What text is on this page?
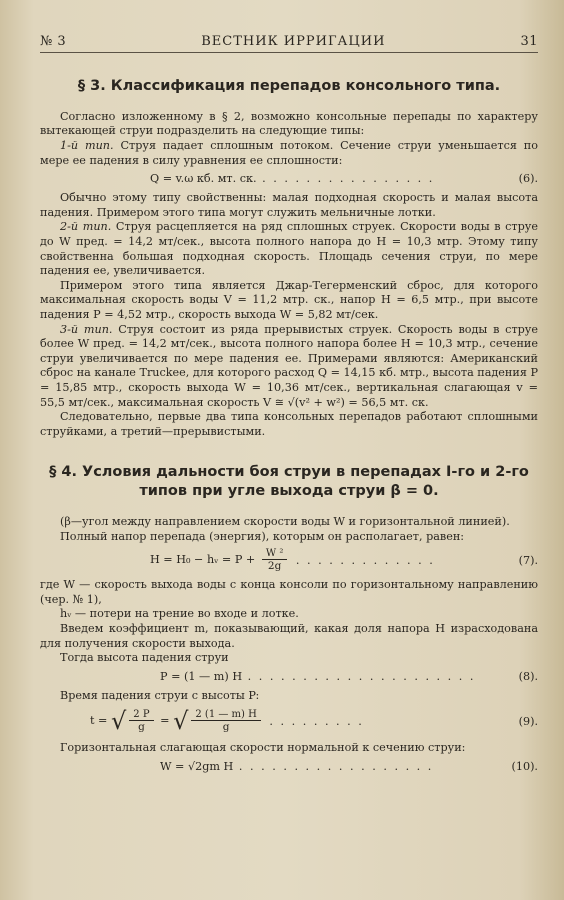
№ 3	ВЕСТНИК ИРРИГАЦИИ	31
§ 3. Классификация перепадов консольного типа.

Согласно изложенному в § 2, возможно консольные перепады по характеру вытекающей струи подразделить на следующие типы:

1-й тип. Струя падает сплошным потоком. Сечение струи уменьшается по мере ее падения в силу уравнения ее сплошности:

Q = v.ω кб. мт. ск. . . . . . . . . . . . . . . . .	(6).

Обычно этому типу свойственны: малая подходная скорость и малая высота падения. Примером этого типа могут служить мельничные лотки.

2-й тип. Струя расцепляется на ряд сплошных струек. Скорости воды в струе до W пред. = 14,2 мт/сек., высота полного напора до H = 10,3 мтр. Этому типу свойственна большая подходная скорость. Площадь сечения струи, по мере падения ее, увеличивается.

Примером этого типа является Джар-Тегерменский сброс, для которого максимальная скорость воды V = 11,2 мтр. ск., напор H = 6,5 мтр., при высоте падения P = 4,52 мтр., скорость выхода W = 5,82 мт/сек.

3-й тип. Струя состоит из ряда прерывистых струек. Скорость воды в струе более W пред. = 14,2 мт/сек., высота полного напора более H = 10,3 мтр., сечение струи увеличивается по мере падения ее. Примерами являются: Американский сброс на канале Truckee, для которого расход Q = 14,15 кб. мтр., высота падения P = 15,85 мтр., скорость выхода W = 10,36 мт/сек., вертикальная слагающая v = 55,5 мт/сек., максимальная скорость V ≅ √(v² + w²) = 56,5 мт. ск.

Следовательно, первые два типа консольных перепадов работают сплошными струйками, а третий—прерывистыми.

§ 4. Условия дальности боя струи в перепадах I-го и 2-го типов при угле выхода струи β = 0.

(β—угол между направлением скорости воды W и горизонтальной линией).

Полный напор перепада (энергия), которым он располагает, равен:

H = H₀ − hᵥ = $P + \frac{\text{W ²}}{2g}$ . . . . . . . . . . . . .	(7).

где W — скорость выхода воды с конца консоли по горизонтальному направлению (чер. № 1),

hᵥ — потери на трение во входе и лотке.

Введем коэффициент m, показывающий, какая доля напора H израсходована для получения скорости выхода.

Тогда высота падения струи

P = (1 — m) H . . . . . . . . . . . . . . . . . . . . .	(8).

Время падения струи с высоты P:

t = √ $\frac{2 P}{g}$ = √ $\frac{2 (1 — m) H}{g}$ . . . . . . . . .	(9).

Горизонтальная слагающая скорости нормальной к сечению струи:

W = √2gm H . . . . . . . . . . . . . . . . . .	(10).
